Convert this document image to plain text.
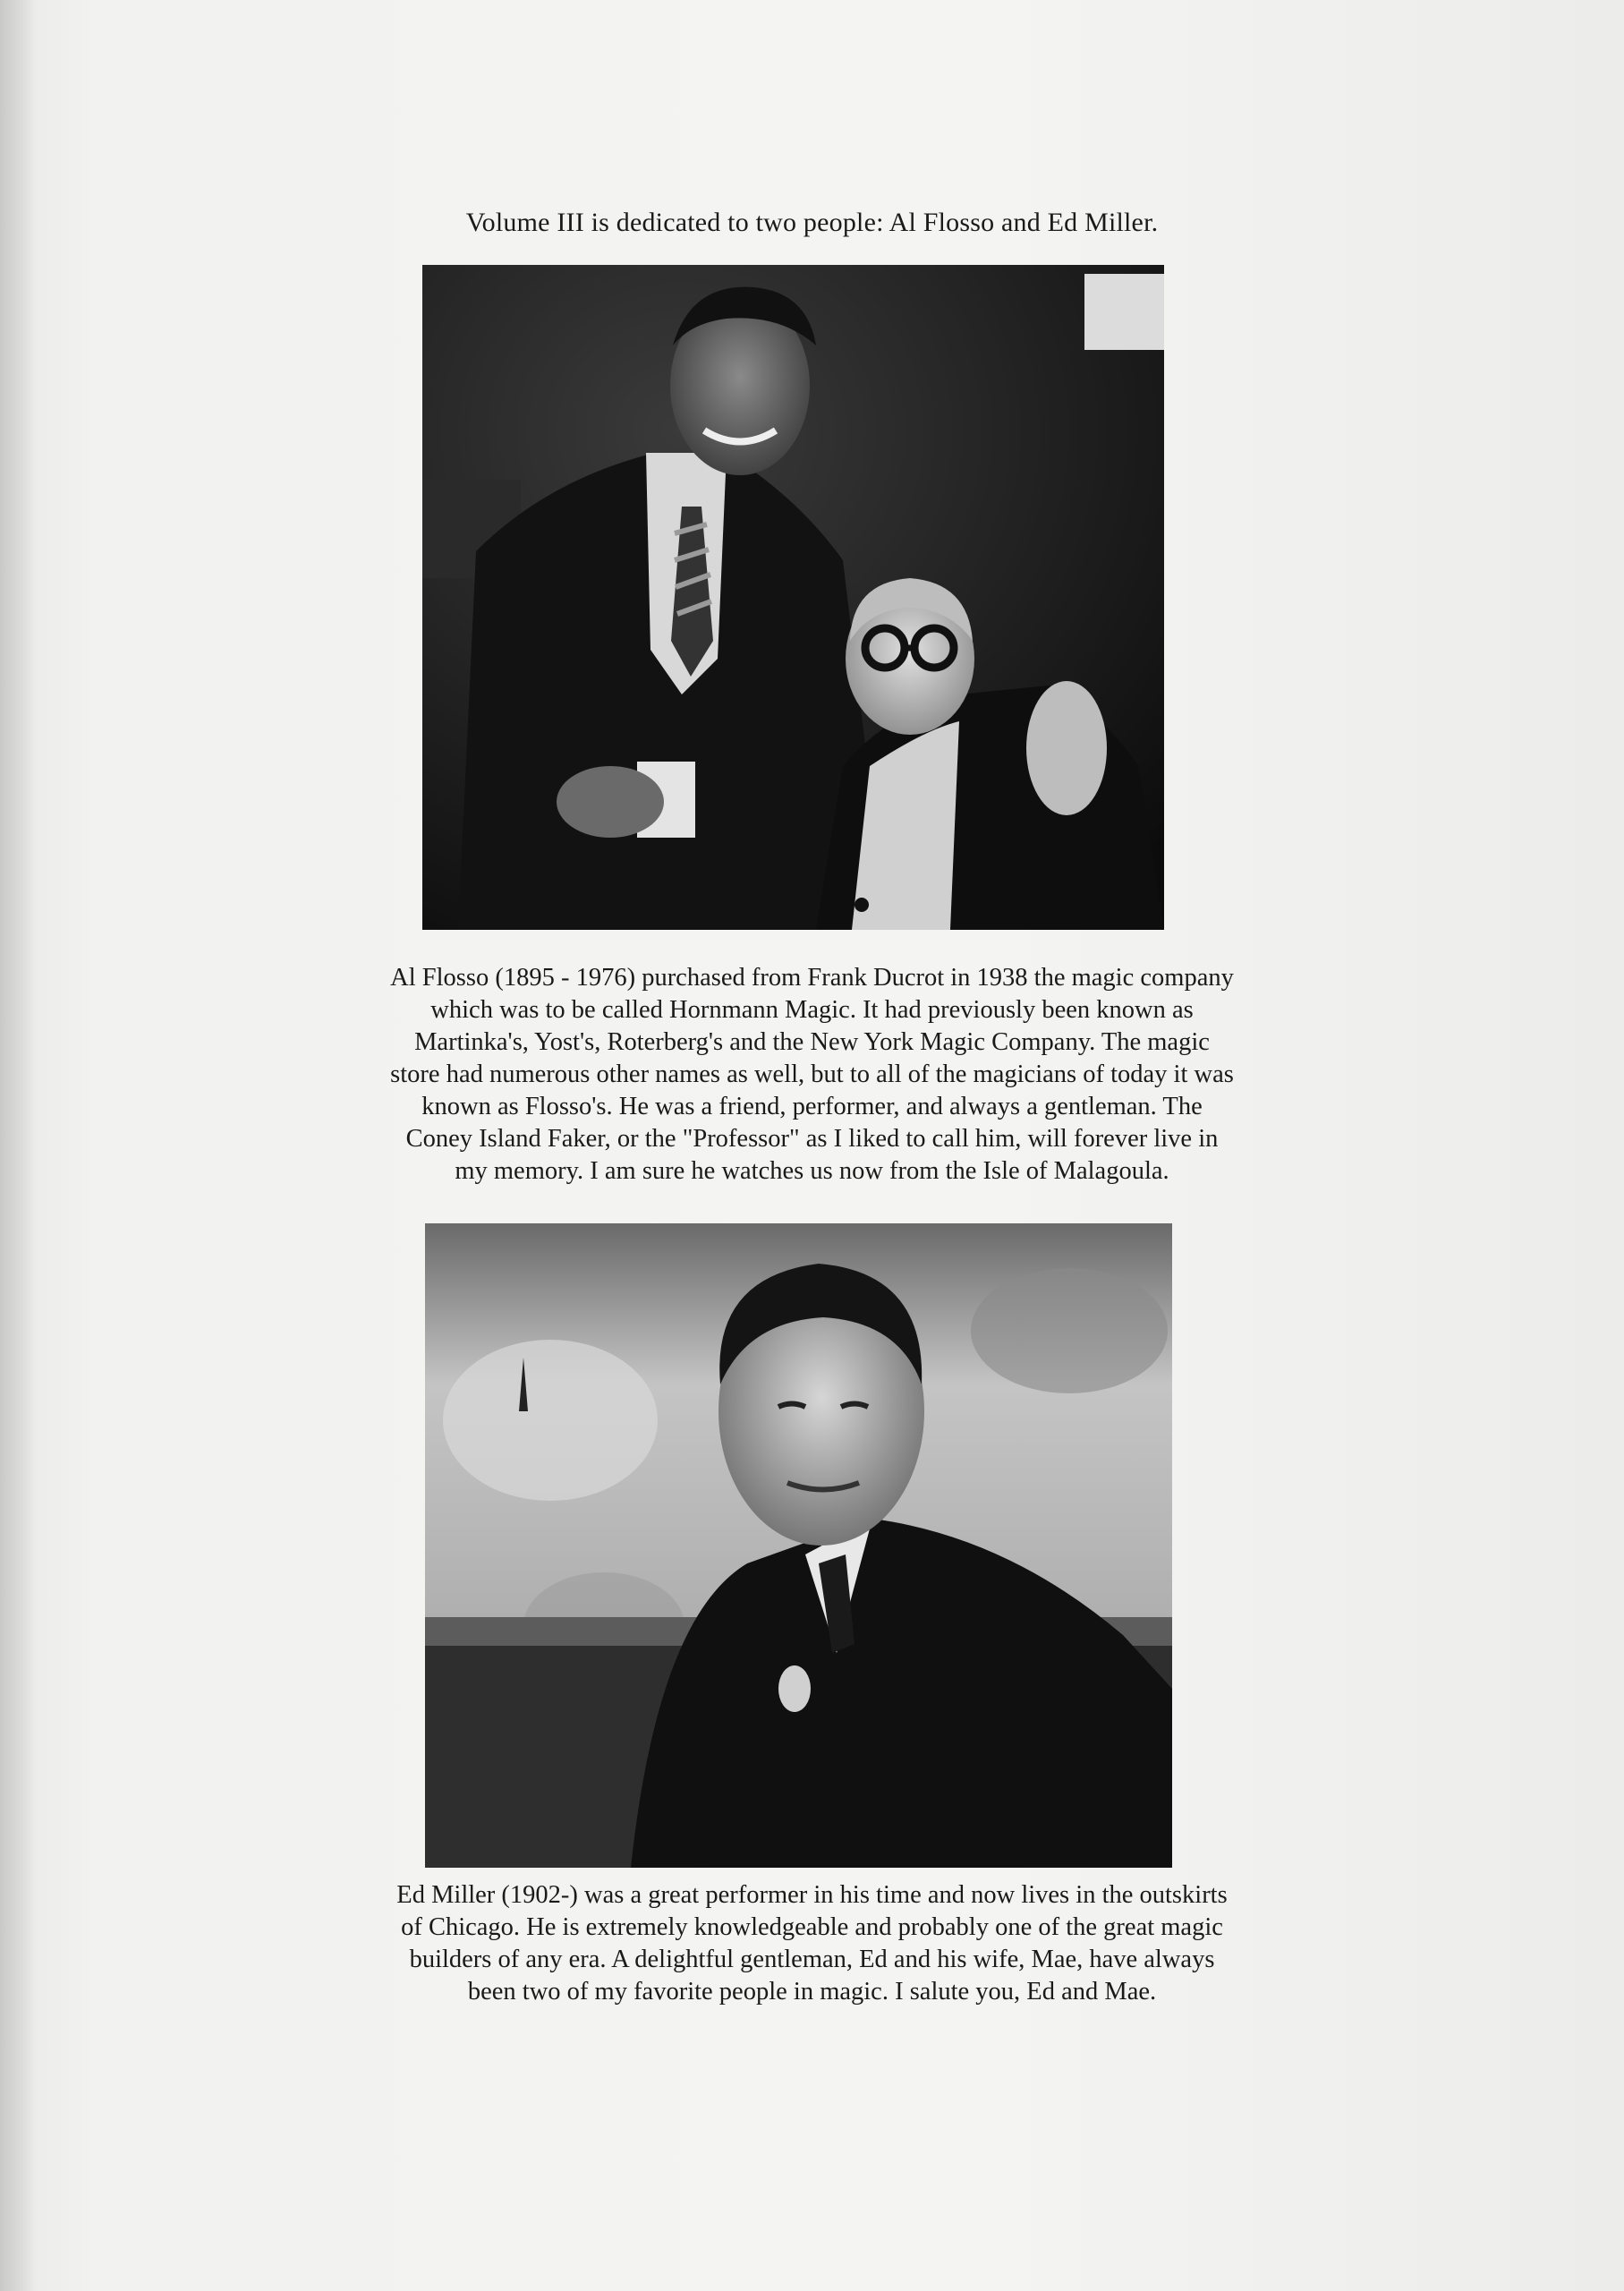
Volume III is dedicated to two people: Al Flosso and Ed Miller.
Al Flosso (1895 - 1976) purchased from Frank Ducrot in 1938 the magic company
which was to be called Hornmann Magic. It had previously been known as
Martinka's, Yost's, Roterberg's and the New York Magic Company. The magic
store had numerous other names as well, but to all of the magicians of today it was
known as Flosso's. He was a friend, performer, and always a gentleman. The
Coney Island Faker, or the "Professor" as I liked to call him, will forever live in
my memory. I am sure he watches us now from the Isle of Malagoula.
Ed Miller (1902-) was a great performer in his time and now lives in the outskirts
of Chicago. He is extremely knowledgeable and probably one of the great magic
builders of any era. A delightful gentleman, Ed and his wife, Mae, have always
been two of my favorite people in magic. I salute you, Ed and Mae.
